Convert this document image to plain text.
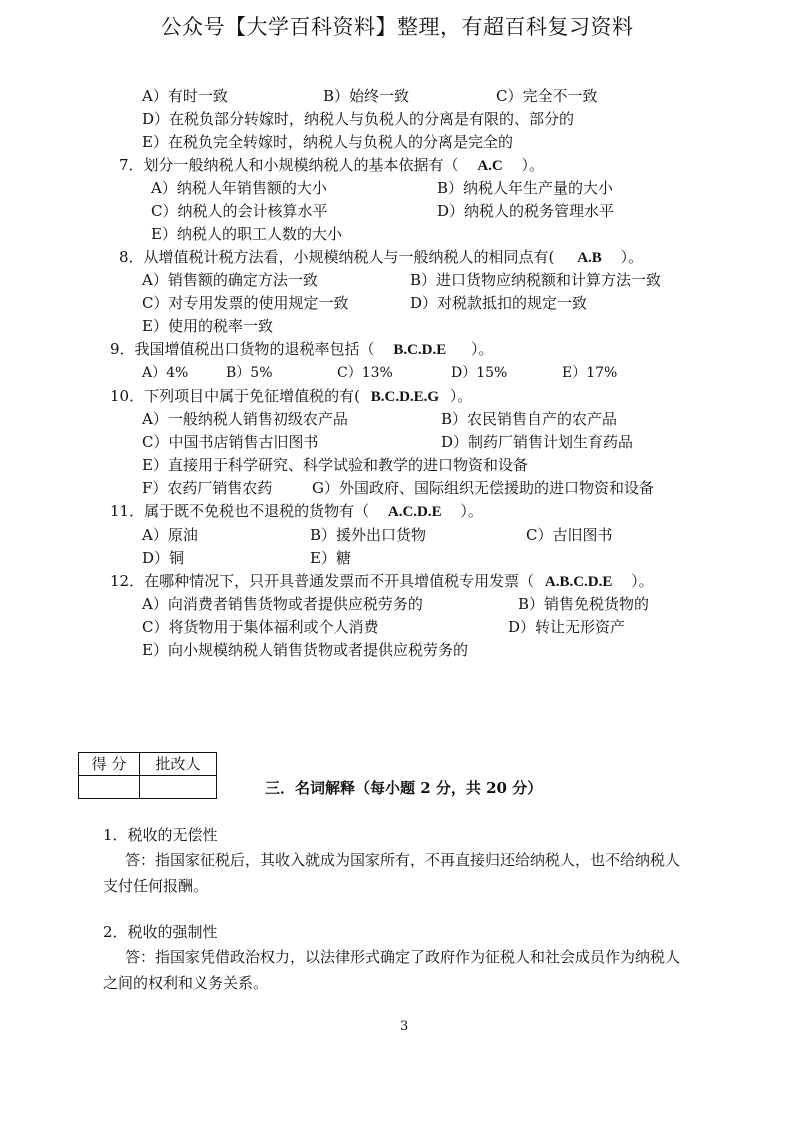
公众号【大学百科资料】整理，有超百科复习资料
A）有时一致	B）始终一致	C）完全不一致
D）在税负部分转嫁时，纳税人与负税人的分离是有限的、部分的
E）在税负完全转嫁时，纳税人与负税人的分离是完全的
7．划分一般纳税人和小规模纳税人的基本依据有（ A.C ）。
A）纳税人年销售额的大小	B）纳税人年生产量的大小
C）纳税人的会计核算水平	D）纳税人的税务管理水平
E）纳税人的职工人数的大小
8．从增值税计税方法看，小规模纳税人与一般纳税人的相同点有( A.B ）。
A）销售额的确定方法一致	B）进口货物应纳税额和计算方法一致
C）对专用发票的使用规定一致	D）对税款抵扣的规定一致
E）使用的税率一致
9．我国增值税出口货物的退税率包括（ B.C.D.E ）。
A）4%	B）5%	C）13%	D）15%	E）17%
10．下列项目中属于免征增值税的有( B.C.D.E.G ）。
A）一般纳税人销售初级农产品	B）农民销售自产的农产品
C）中国书店销售古旧图书	D）制药厂销售计划生育药品
E）直接用于科学研究、科学试验和教学的进口物资和设备
F）农药厂销售农药	G）外国政府、国际组织无偿援助的进口物资和设备
11．属于既不免税也不退税的货物有（ A.C.D.E ）。
A）原油	B）援外出口货物	C）古旧图书
D）铜	E）糖
12．在哪种情况下，只开具普通发票而不开具增值税专用发票（ A.B.C.D.E ）。
A）向消费者销售货物或者提供应税劳务的	B）销售免税货物的
C）将货物用于集体福利或个人消费	D）转让无形资产
E）向小规模纳税人销售货物或者提供应税劳务的
得 分	批改人

三．名词解释（每小题 2 分，共 20 分）
1．税收的无偿性
答：指国家征税后，其收入就成为国家所有，不再直接归还给纳税人，也不给纳税人
支付任何报酬。
2．税收的强制性
答：指国家凭借政治权力，以法律形式确定了政府作为征税人和社会成员作为纳税人
之间的权利和义务关系。
3
